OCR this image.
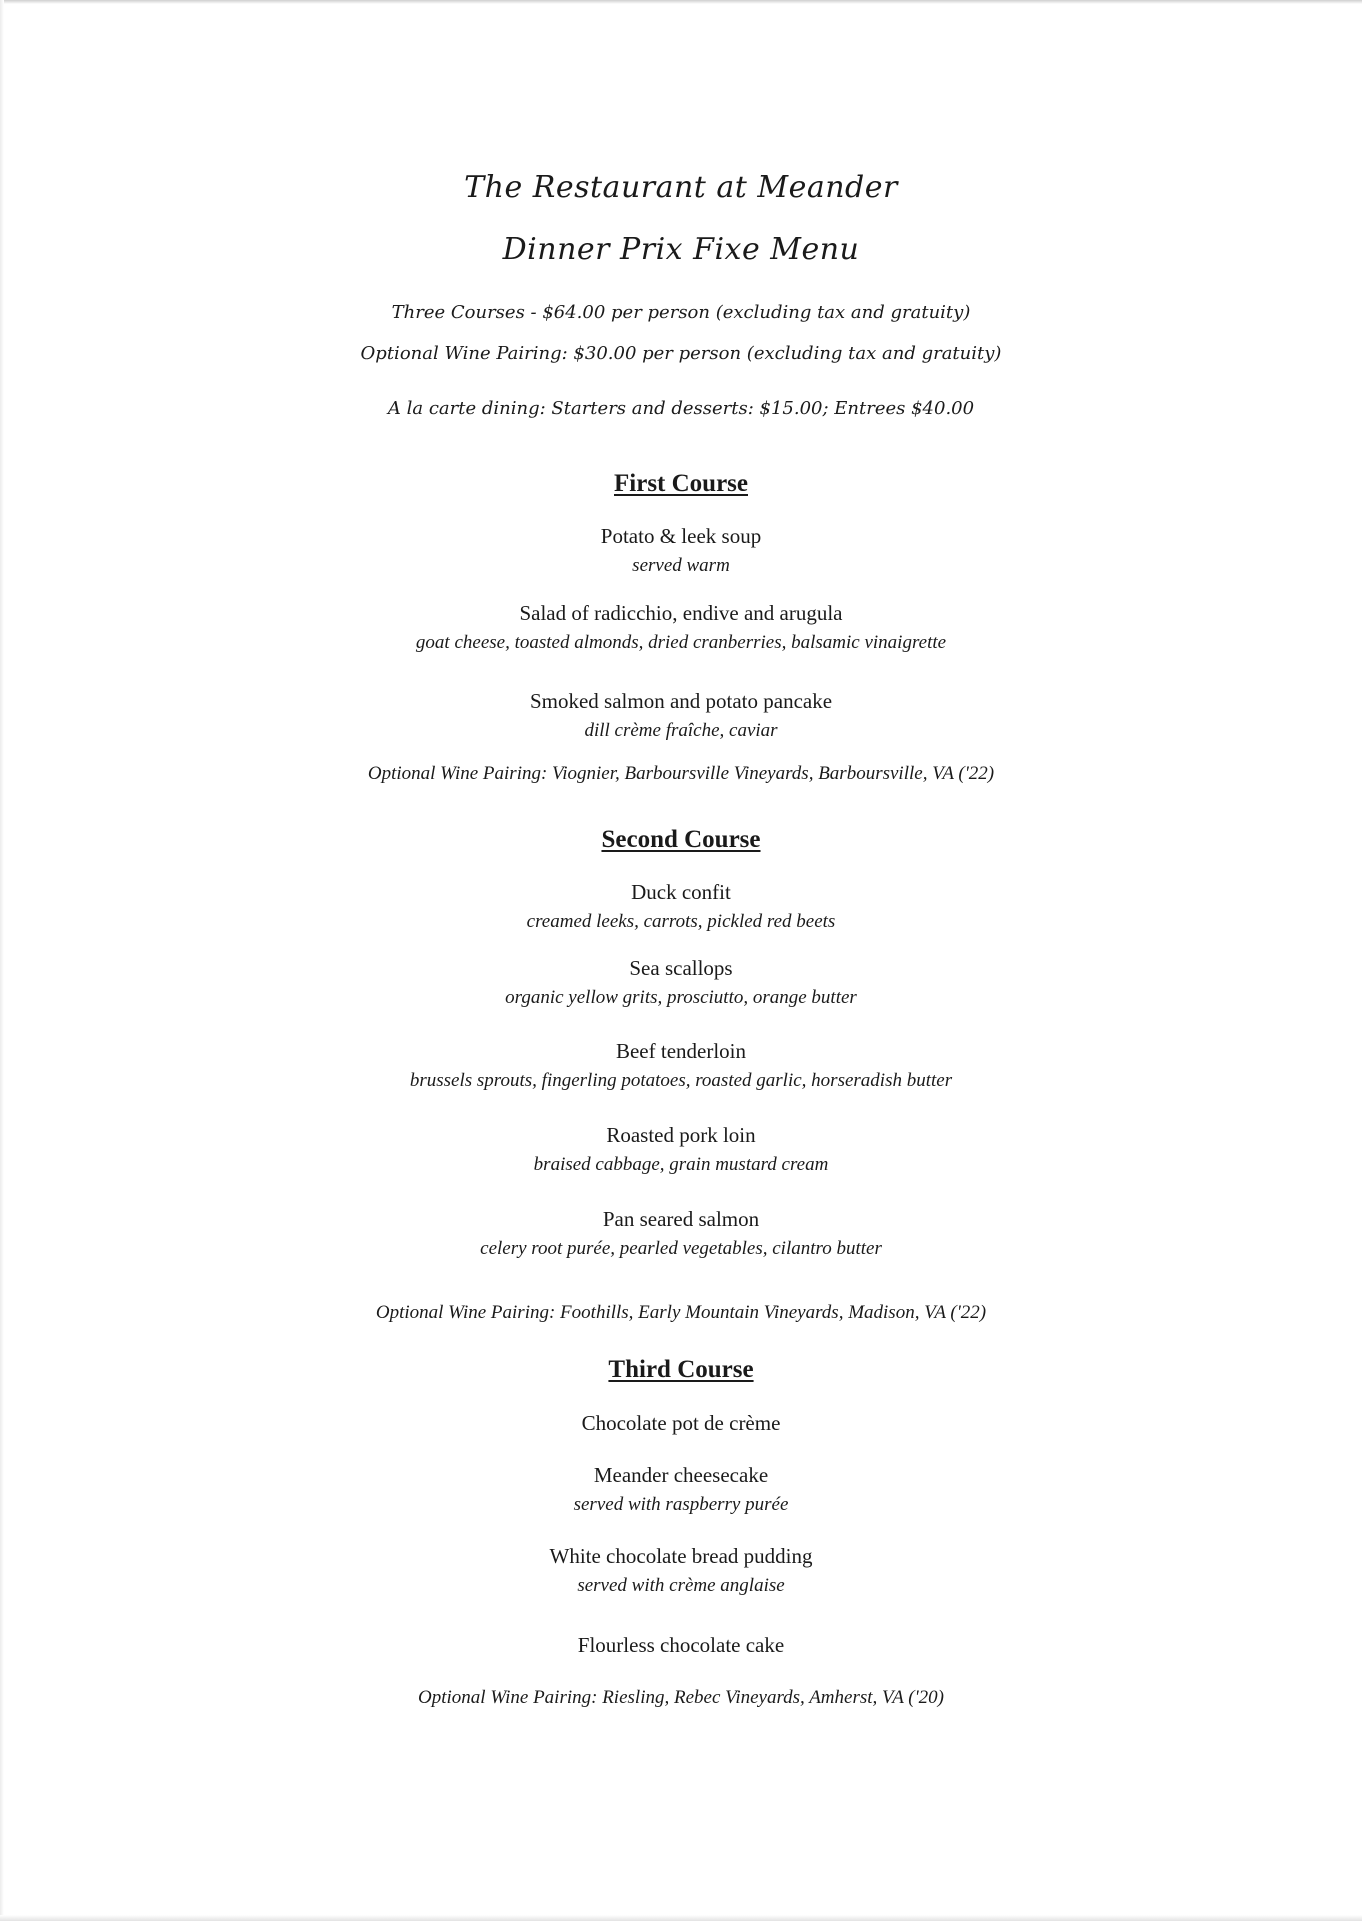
The Restaurant at Meander

Dinner Prix Fixe Menu

Three Courses - $64.00 per person (excluding tax and gratuity)

Optional Wine Pairing: $30.00 per person (excluding tax and gratuity)

A la carte dining: Starters and desserts: $15.00; Entrees $40.00

First Course
Potato & leek soup
served warm
Salad of radicchio, endive and arugula
goat cheese, toasted almonds, dried cranberries, balsamic vinaigrette
Smoked salmon and potato pancake
dill crème fraîche, caviar
Optional Wine Pairing: Viognier, Barboursville Vineyards, Barboursville, VA ('22)
Second Course
Duck confit
creamed leeks, carrots, pickled red beets
Sea scallops
organic yellow grits, prosciutto, orange butter
Beef tenderloin
brussels sprouts, fingerling potatoes, roasted garlic, horseradish butter
Roasted pork loin
braised cabbage, grain mustard cream
Pan seared salmon
celery root purée, pearled vegetables, cilantro butter
Optional Wine Pairing: Foothills, Early Mountain Vineyards, Madison, VA ('22)
Third Course
Chocolate pot de crème
Meander cheesecake
served with raspberry purée
White chocolate bread pudding
served with crème anglaise
Flourless chocolate cake
Optional Wine Pairing: Riesling, Rebec Vineyards, Amherst, VA ('20)
